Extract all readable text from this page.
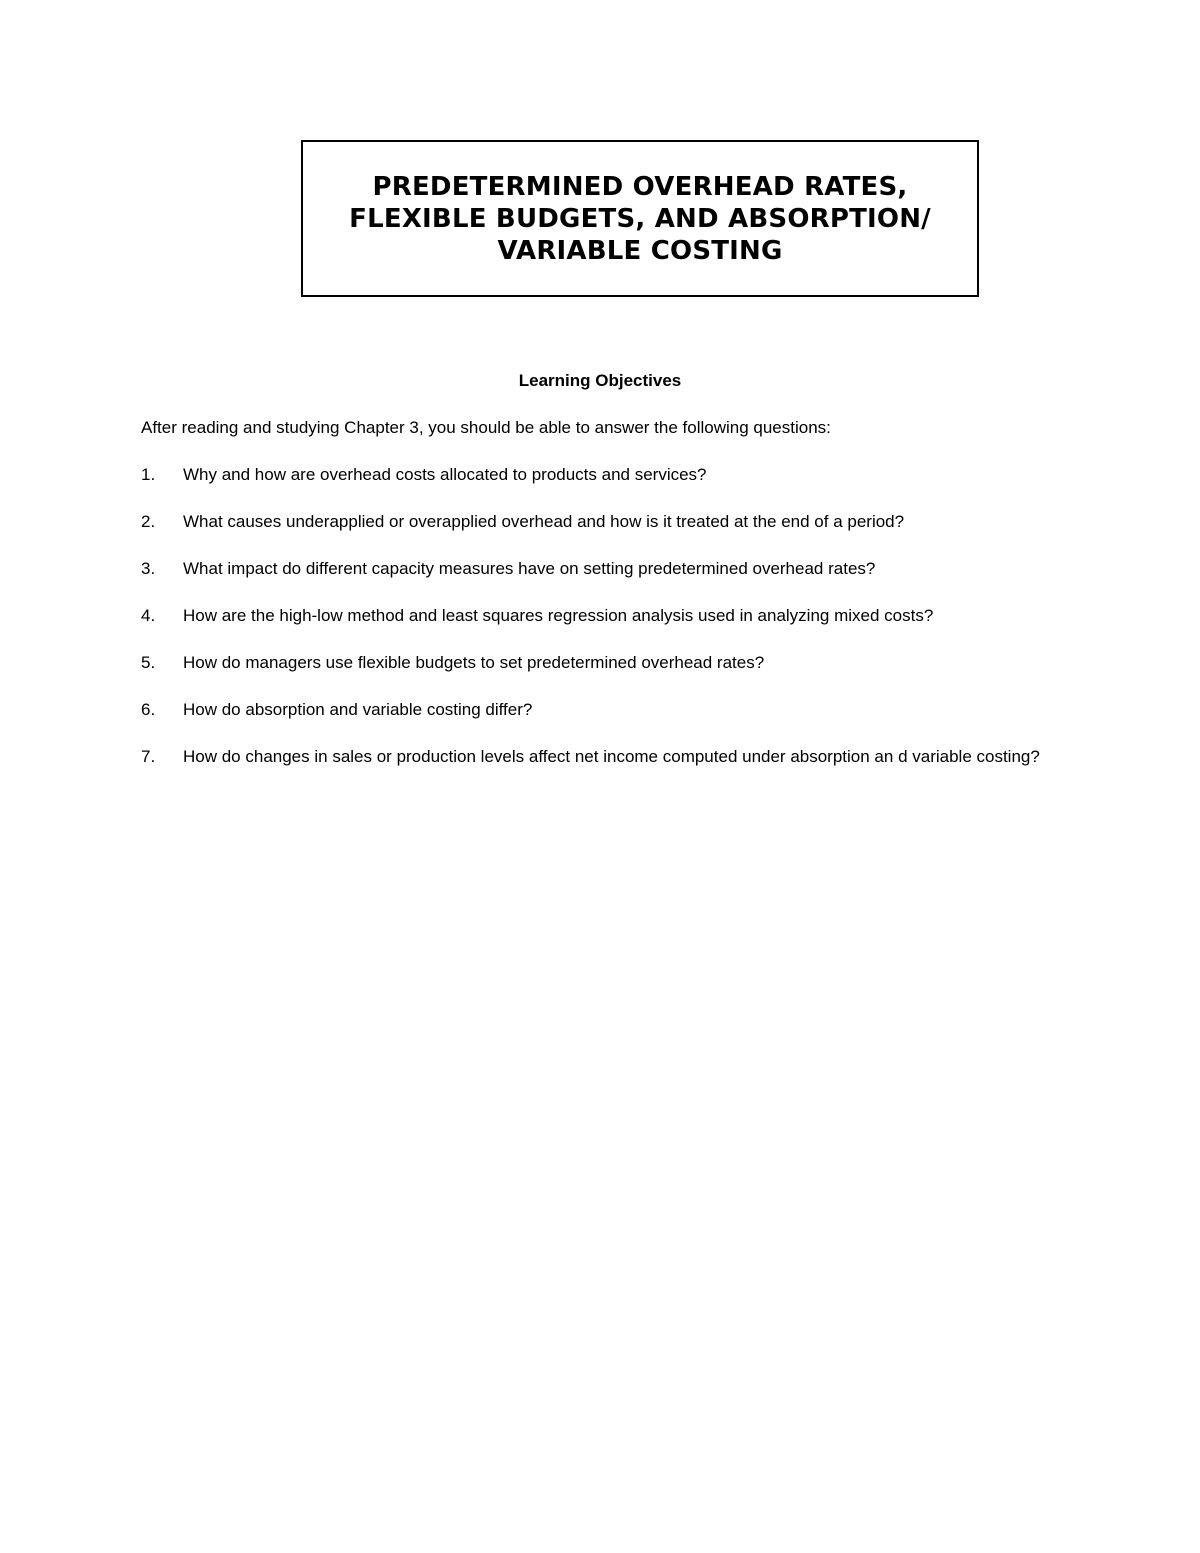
PREDETERMINED OVERHEAD RATES,
FLEXIBLE BUDGETS, AND ABSORPTION/
VARIABLE COSTING
Learning Objectives
After reading and studying Chapter 3, you should be able to answer the following questions:
1.	Why and how are overhead costs allocated to products and services?
2.	What causes underapplied or overapplied overhead and how is it treated at the end of a period?
3.	What impact do different capacity measures have on setting predetermined overhead rates?
4.	How are the high-low method and least squares regression analysis used in analyzing mixed costs?
5.	How do managers use flexible budgets to set predetermined overhead rates?
6.	How do absorption and variable costing differ?
7.	How do changes in sales or production levels affect net income computed under absorption an d variable costing?
